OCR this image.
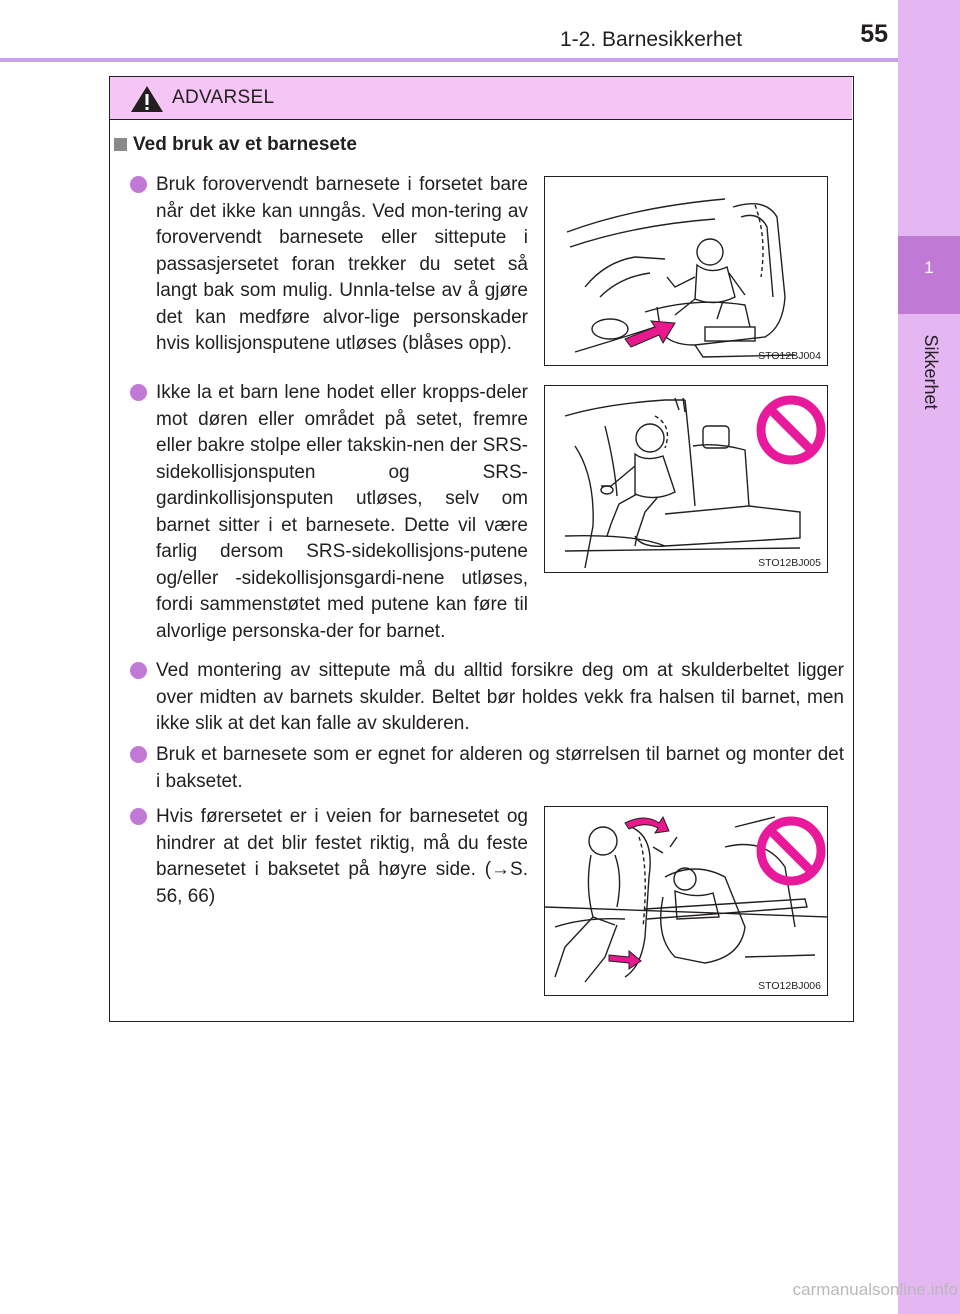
1-2. Barnesikkerhet	55
1
Sikkerhet
ADVARSEL
Ved bruk av et barnesete
Bruk forovervendt barnesete i forsetet bare når det ikke kan unngås. Ved mon-tering av forovervendt barnesete eller sittepute i passasjersetet foran trekker du setet så langt bak som mulig. Unnla-telse av å gjøre det kan medføre alvor-lige personskader hvis kollisjonsputene utløses (blåses opp).
STO12BJ004
Ikke la et barn lene hodet eller kropps-deler mot døren eller området på setet, fremre eller bakre stolpe eller takskin-nen der SRS-sidekollisjonsputen og SRS-gardinkollisjonsputen utløses, selv om barnet sitter i et barnesete. Dette vil være farlig dersom SRS-sidekollisjons-putene og/eller -sidekollisjonsgardi-nene utløses, fordi sammenstøtet med putene kan føre til alvorlige personska-der for barnet.
STO12BJ005
Ved montering av sittepute må du alltid forsikre deg om at skulderbeltet ligger over midten av barnets skulder. Beltet bør holdes vekk fra halsen til barnet, men ikke slik at det kan falle av skulderen.
Bruk et barnesete som er egnet for alderen og størrelsen til barnet og monter det i baksetet.
Hvis førersetet er i veien for barnesetet og hindrer at det blir festet riktig, må du feste barnesetet i baksetet på høyre side. (→S. 56, 66)
STO12BJ006
carmanualsonline.info
